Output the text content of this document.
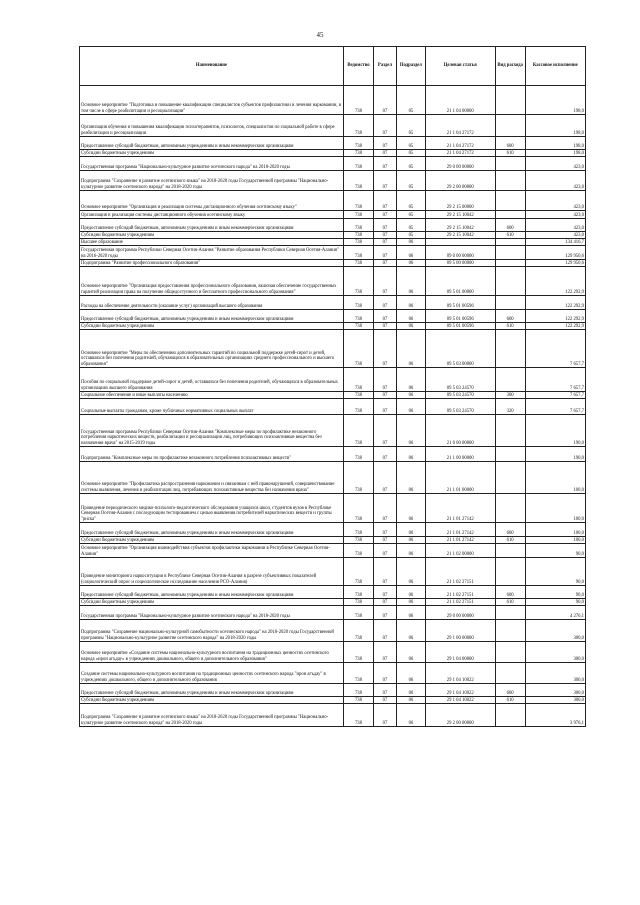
45
Наименование	Ведомство	Раздел	Подраздел	Целевая статья	Вид расхода	Кассовое исполнение
Основное мероприятие "Подготовка и повышение квалификации специалистов субъектов профилактики и лечения наркомании, в том числе в сфере реабилитации и ресоциализации"	738	07	05	21 1 04 00000		198,0
Организация обучения и повышения квалификации психотерапевтов, психологов, специалистов по социальной работе в сфере реабилитации и ресоциализации	738	07	05	21 1 04 27172		198,0
Предоставление субсидий бюджетным, автономным учреждениям и иным некоммерческим организациям	738	07	05	21 1 04 27172	600	198,0
Субсидии бюджетным учреждениям	738	07	05	21 1 04 27172	610	198,0
Государственная программа "Национально-культурное развитие осетинского народа" на 2018-2020 годы	738	07	05	29 0 00 00000		423,0
Подпрограмма "Сохранение и развитие осетинского языка" на 2018-2020 годы Государственной программы "Национально-культурное развитие осетинского народа" на 2018-2020 годы	738	07	05	29 2 00 00000		423,0
Основное мероприятие "Организация и реализация системы дистанционного обучения осетинскому языку"	738	07	05	29 2 15 00000		423,0
Организация и реализация системы дистанционного обучения осетинскому языку	738	07	05	29 2 15 10042		423,0
Предоставление субсидий бюджетным, автономным учреждениям и иным некоммерческим организациям	738	07	05	29 2 15 10042	600	423,0
Субсидии бюджетным учреждениям	738	07	05	29 2 15 10042	610	423,0
Высшее образование	738	07	06			134 416,7
Государственная программа Республики Северная Осетия-Алания "Развитие образования Республики Северная Осетия-Алания" на 2016-2020 годы	738	07	06	09 0 00 00000		129 950,6
Подпрограмма "Развитие профессионального образования"	738	07	06	09 5 00 00000		129 950,6
Основное мероприятие "Организация предоставления профессионального образования, включая обеспечение государственных гарантий реализации права на получение общедоступного и бесплатного профессионального образования"	738	07	06	09 5 01 00000		122 292,9
Расходы на обеспечение деятельности (оказание услуг) организаций высшего образования	738	07	06	09 5 01 00596		122 292,9
Предоставление субсидий бюджетным, автономным учреждениям и иным некоммерческим организациям	738	07	06	09 5 01 00596	600	122 292,9
Субсидии бюджетным учреждениям	738	07	06	09 5 01 00596	610	122 292,9
Основное мероприятие "Меры по обеспечению дополнительных гарантий по социальной поддержке детей-сирот и детей, оставшихся без попечения родителей, обучающихся в образовательных организациях среднего профессионального и высшего образования"	738	07	06	09 5 03 00000		7 657,7
Пособия по социальной поддержке детей-сирот и детей, оставшихся без попечения родителей, обучающихся в образовательных организациях высшего образования	738	07	06	09 5 03 24570		7 657,7
Социальное обеспечение и иные выплаты населению	738	07	06	09 5 03 24570	300	7 657,7
Социальные выплаты гражданам, кроме публичных нормативных социальных выплат	738	07	06	09 5 03 24570	320	7 657,7
Государственная программа Республики Северная Осетия-Алания "Комплексные меры по профилактике незаконного потребления наркотических веществ, реабилитации и ресоциализации лиц, потребляющих психоактивные вещества без назначения врача" на 2015-2019 годы	738	07	06	21 0 00 00000		190,0
Подпрограмма "Комплексные меры по профилактике незаконного потребления психоактивных веществ"	738	07	06	21 1 00 00000		190,0
Основное мероприятие "Профилактика распространения наркомании и связанным с ней правонарушений, совершенствование системы выявления, лечения и реабилитации лиц, потребляющих психоактивные вещества без назначения врача"	738	07	06	21 1 01 00000		100,0
Проведение периодического медико-психолого-педагогического обследования учащихся школ, студентов вузов в Республике Северная Осетия-Алания с последующим тестированием с целью выявления потребителей наркотических веществ и группы "риска"	738	07	06	21 1 01 27142		100,0
Предоставление субсидий бюджетным, автономным учреждениям и иным некоммерческим организациям	738	07	06	21 1 01 27142	600	100,0
Субсидии бюджетным учреждениям	738	07	06	21 1 01 27142	610	100,0
Основное мероприятие "Организация взаимодействия субъектов профилактики наркомании в Республике Северная Осетия-Алания"	738	07	06	21 1 02 00000		90,0
Проведение мониторинга наркоситуации в Республике Северная Осетия-Алания в разрезе субъективных показателей (социологический опрос и социологическое исследование населения РСО-Алания)	738	07	06	21 1 02 27151		90,0
Предоставление субсидий бюджетным, автономным учреждениям и иным некоммерческим организациям	738	07	06	21 1 02 27151	600	90,0
Субсидии бюджетным учреждениям	738	07	06	21 1 02 27151	610	90,0
Государственная программа "Национально-культурное развитие осетинского народа" на 2018-2020 годы	738	07	06	29 0 00 00000		4 276,1
Подпрограмма "Сохранение национально-культурной самобытности осетинского народа" на 2018-2020 годы Государственной программы "Национально-культурное развитие осетинского народа" на 2018-2020 годы	738	07	06	29 1 00 00000		300,0
Основное мероприятие «Создание системы национально-культурного воспитания на традиционных ценностях осетинского народа «ирон агъдау» в учреждениях дошкольного, общего и дополнительного образования"	738	07	06	29 1 04 00000		300,0
Создание системы национально-культурного воспитания на традиционных ценностях осетинского народа "ирон агъдау" в учреждениях дошкольного, общего и дополнительного образования	738	07	06	29 1 04 10022		300,0
Предоставление субсидий бюджетным, автономным учреждениям и иным некоммерческим организациям	738	07	06	29 1 04 10022	600	300,0
Субсидии бюджетным учреждениям	738	07	06	29 1 04 10022	610	300,0
Подпрограмма "Сохранение и развитие осетинского языка" на 2018-2020 годы Государственной программы "Национально-культурное развитие осетинского народа" на 2018-2020 годы	738	07	06	29 2 00 00000		3 976,1
